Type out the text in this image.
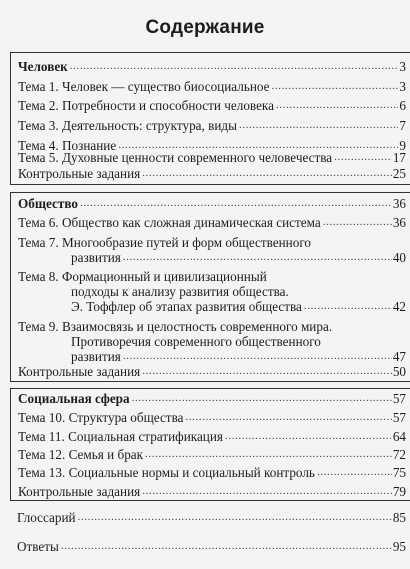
Содержание
Человек .....	3
Тема 1. Человек — существо биосоциальное .....	3
Тема 2. Потребности и способности человека .....	6
Тема 3. Деятельность: структура, виды .....	7
Тема 4. Познание .....	9
Тема 5. Духовные ценности современного человечества .....	17
Контрольные задания .....	25
Общество .....	36
Тема 6. Общество как сложная динамическая система .....	36
Тема 7. Многообразие путей и форм общественного
развития .....	40
Тема 8. Формационный и цивилизационный
подходы к анализу развития общества.
Э. Тоффлер об этапах развития общества .....	42
Тема 9. Взаимосвязь и целостность современного мира.
Противоречия современного общественного
развития .....	47
Контрольные задания .....	50
Социальная сфера .....	57
Тема 10. Структура общества .....	57
Тема 11. Социальная стратификация .....	64
Тема 12. Семья и брак .....	72
Тема 13. Социальные нормы и социальный контроль .....	75
Контрольные задания .....	79
Глоссарий .....	85
Ответы .....	95
